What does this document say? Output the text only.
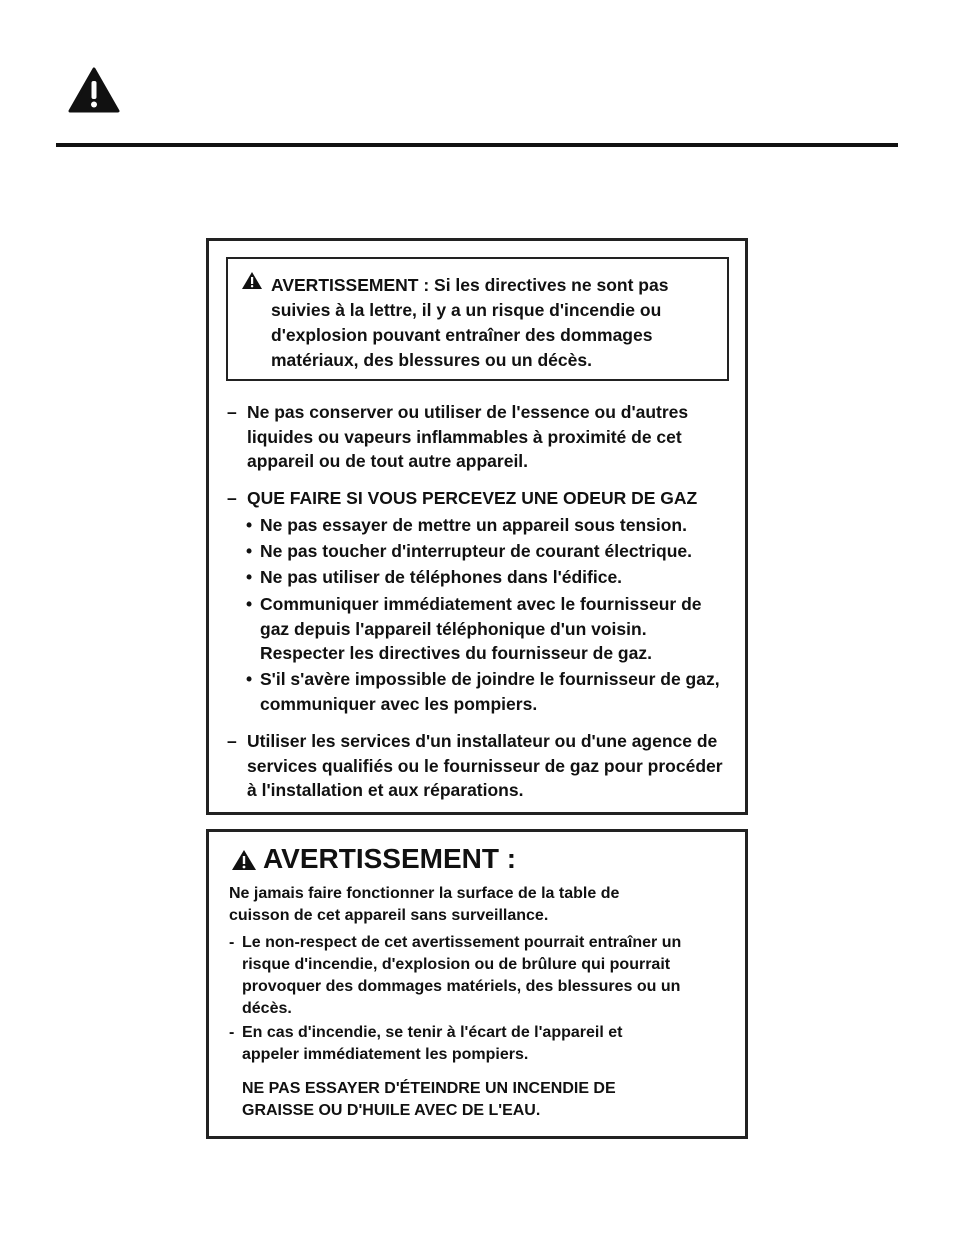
AVERTISSEMENT : Si les directives ne sont pas suivies à la lettre, il y a un risque d'incendie ou d'explosion pouvant entraîner des dommages matériaux, des blessures ou un décès.
– Ne pas conserver ou utiliser de l'essence ou d'autres liquides ou vapeurs inflammables à proximité de cet appareil ou de tout autre appareil.
– QUE FAIRE SI VOUS PERCEVEZ UNE ODEUR DE GAZ
• Ne pas essayer de mettre un appareil sous tension.
• Ne pas toucher d'interrupteur de courant électrique.
• Ne pas utiliser de téléphones dans l'édifice.
• Communiquer immédiatement avec le fournisseur de gaz depuis l'appareil téléphonique d'un voisin. Respecter les directives du fournisseur de gaz.
• S'il s'avère impossible de joindre le fournisseur de gaz, communiquer avec les pompiers.
– Utiliser les services d'un installateur ou d'une agence de services qualifiés ou le fournisseur de gaz pour procéder à l'installation et aux réparations.
AVERTISSEMENT :
Ne jamais faire fonctionner la surface de la table de cuisson de cet appareil sans surveillance.
- Le non-respect de cet avertissement pourrait entraîner un risque d'incendie, d'explosion ou de brûlure qui pourrait provoquer des dommages matériels, des blessures ou un décès.
- En cas d'incendie, se tenir à l'écart de l'appareil et appeler immédiatement les pompiers.
NE PAS ESSAYER D'ÉTEINDRE UN INCENDIE DE GRAISSE OU D'HUILE AVEC DE L'EAU.
